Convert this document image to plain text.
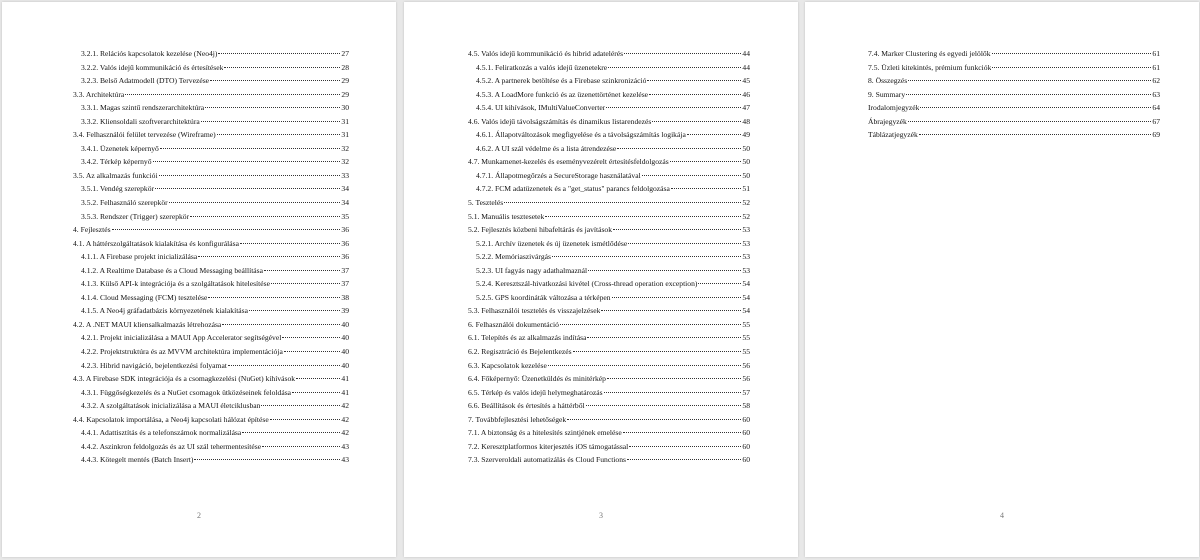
3.2.1. Relációs kapcsolatok kezelése (Neo4j)	27
3.2.2. Valós idejű kommunikáció és értesítések	28
3.2.3. Belső Adatmodell (DTO) Tervezése	29
3.3. Architektúra	29
3.3.1. Magas szintű rendszerarchitektúra	30
3.3.2. Kliensoldali szoftverarchitektúra	31
3.4. Felhasználói felület tervezése (Wireframe)	31
3.4.1. Üzenetek képernyő	32
3.4.2. Térkép képernyő	32
3.5. Az alkalmazás funkciói	33
3.5.1. Vendég szerepkör	34
3.5.2. Felhasználó szerepkör	34
3.5.3. Rendszer (Trigger) szerepkör	35
4. Fejlesztés	36
4.1. A háttérszolgáltatások kialakítása és konfigurálása	36
4.1.1. A Firebase projekt inicializálása	36
4.1.2. A Realtime Database és a Cloud Messaging beállítása	37
4.1.3. Külső API-k integrációja és a szolgáltatások hitelesítése	37
4.1.4. Cloud Messaging (FCM) tesztelése	38
4.1.5. A Neo4j gráfadatbázis környezetének kialakítása	39
4.2. A .NET MAUI kliensalkalmazás létrehozása	40
4.2.1. Projekt inicializálása a MAUI App Accelerator segítségével	40
4.2.2. Projektstruktúra és az MVVM architektúra implementációja	40
4.2.3. Hibrid navigáció, bejelentkezési folyamat	40
4.3. A Firebase SDK integrációja és a csomagkezelési (NuGet) kihívások	41
4.3.1. Függőségkezelés és a NuGet csomagok ütközéseinek feloldása	41
4.3.2. A szolgáltatások inicializálása a MAUI életciklusban	42
4.4. Kapcsolatok importálása, a Neo4j kapcsolati hálózat építése	42
4.4.1. Adattisztítás és a telefonszámok normalizálása	42
4.4.2. Aszinkron feldolgozás és az UI szál tehermentesítése	43
4.4.3. Kötegelt mentés (Batch Insert)	43
2
4.5. Valós idejű kommunikáció és hibrid adatelérés	44
4.5.1. Feliratkozás a valós idejű üzenetekre	44
4.5.2. A partnerek betöltése és a Firebase szinkronizáció	45
4.5.3. A LoadMore funkció és az üzenettörténet kezelése	46
4.5.4. UI kihívások, IMultiValueConverter	47
4.6. Valós idejű távolságszámítás és dinamikus listarendezés	48
4.6.1. Állapotváltozások megfigyelése és a távolságszámítás logikája	49
4.6.2. A UI szál védelme és a lista átrendezése	50
4.7. Munkamenet-kezelés és eseményvezérelt értesítésfeldolgozás	50
4.7.1. Állapotmegőrzés a SecureStorage használatával	50
4.7.2. FCM adatüzenetek és a "get_status" parancs feldolgozása	51
5. Tesztelés	52
5.1. Manuális tesztesetek	52
5.2. Fejlesztés közbeni hibafeltárás és javítások	53
5.2.1. Archív üzenetek és új üzenetek ismétlődése	53
5.2.2. Memóriaszivárgás	53
5.2.3. UI fagyás nagy adathalmaznál	53
5.2.4. Keresztszál-hivatkozási kivétel (Cross-thread operation exception)	54
5.2.5. GPS koordináták változása a térképen	54
5.3. Felhasználói tesztelés és visszajelzések	54
6. Felhasználói dokumentáció	55
6.1. Telepítés és az alkalmazás indítása	55
6.2. Regisztráció és Bejelentkezés	55
6.3. Kapcsolatok kezelése	56
6.4. Főképernyő: Üzenetküldés és minitérkép	56
6.5. Térkép és valós idejű helymeghatározás	57
6.6. Beállítások és értesítés a háttérből	58
7. Továbbfejlesztési lehetőségek	60
7.1. A biztonság és a hitelesítés szintjének emelése	60
7.2. Keresztplatformos kiterjesztés iOS támogatással	60
7.3. Szerveroldali automatizálás és Cloud Functions	60
3
7.4. Marker Clustering és egyedi jelölők	61
7.5. Üzleti kitekintés, prémium funkciók	61
8. Összegzés	62
9. Summary	63
Irodalomjegyzék	64
Ábrajegyzék	67
Táblázatjegyzék	69
4
